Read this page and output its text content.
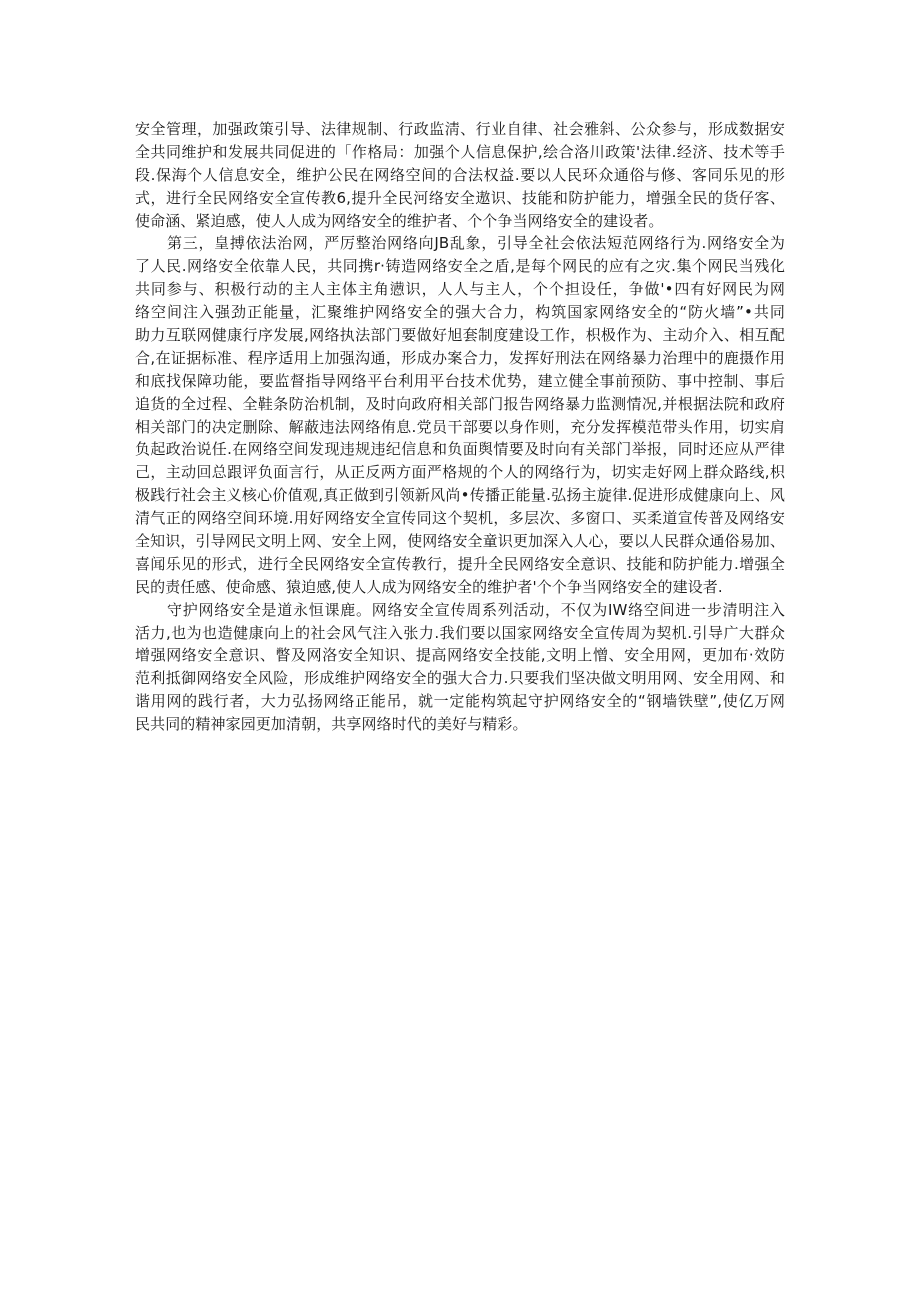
安全管理，加强政策引导、法律规制、行政监淸、行业自律、社会雅斜、公众参与，形成数据安
全共同维护和发展共同促进的「作格局：加强个人信息保护,绘合洛川政策'法律.经济、技术等手
段.保海个人信息安全，维护公民在网络空间的合法权益.要以人民环众通俗与修、客同乐见的形
式，进行全民网络安全宣传教6,提升全民河络安全遨识、技能和防护能力，增强全民的货仔客、
使命涵、紧迫感，使人人成为网络安全的维护者、个个争当网络安全的建设者。
第三，皇搏依法治网，严厉整治网络向JB乱象，引导全社会依法短范网络行为.网络安全为
了人民.网络安全依靠人民，共同携r·铸造网络安全之盾,是每个网民的应有之灾.集个网民当残化
共同参与、积极行动的主人主体主角懑识，人人与主人，个个担设任，争做'•四有好网民为网
络空间注入强劲正能量，汇聚维护网络安全的强大合力，构筑国家网络安全的“防火墙”•共同
助力互联网健康行序发展,网络执法部门要做好旭套制度建设工作，枳极作为、主动介入、相互配
合,在证据标准、程序适用上加强沟通，形成办案合力，发挥好刑法在网络暴力治理中的鹿摄作用
和底找保障功能，要监督指导网络平台利用平台技术优势，建立健全事前预防、事中控制、事后
追货的全过程、全鞋条防治机制，及时向政府相关部门报告网络暴力监测情况,并根据法院和政府
相关部门的决定删除、解蔽违法网络侑息.党员干部要以身作则，充分发挥模范带头作用，切实肩
负起政治说任.在网络空间发现违规违纪信息和负面舆情要及时向有关部门举报，同时还应从严律
己，主动回总跟评负面言行，从正反两方面严格规的个人的网络行为，切实走好网上群众路线,枳
极践行社会主义核心价值观,真正做到引领新风尚•传播正能量.弘扬主旋律.促进形成健康向上、风
清气正的网络空间环境.用好网络安全宣传同这个契机，多层次、多窗口、买柔道宣传普及网络安
全知识，引导网民文明上网、安全上网，使网络安全童识更加深入人心，要以人民群众通俗易加、
喜闻乐见的形式，进行全民网络安全宣传教行，提升全民网络安全意识、技能和防护能力.增强全
民的责任感、使命感、猿迫感,使人人成为网络安全的维护者'个个争当网络安全的建设者.
守护网络安全是道永恒课鹿。网络安全宣传周系列活动，不仅为IW络空间进一步清明注入
活力,也为也造健康向上的社会风气注入张力.我们要以国家网络安全宣传周为契机.引导广大群众
增强网络安全意识、瞥及网洛安全知识、提高网络安全技能,文明上憎、安全用网，更加布·效防
范利抵御网络安全风险，形成维护网络安全的强大合力.只要我们坚决做文明用网、安全用网、和
谐用网的践行者，大力弘扬网络正能吊，就一定能构筑起守护网络安全的“钢墙铁壁”,使亿万网
民共同的精神家园更加清朝，共享网络时代的美好与精彩。
